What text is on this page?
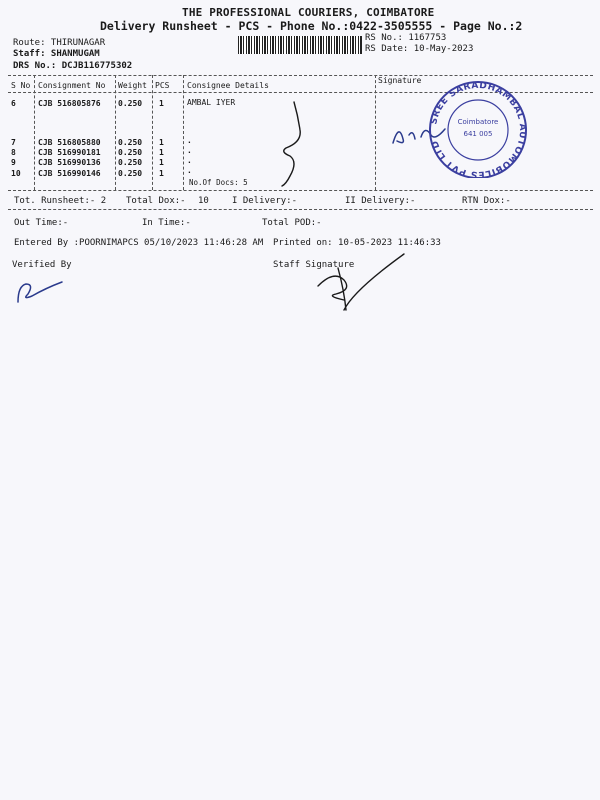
THE PROFESSIONAL COURIERS, COIMBATORE
Delivery Runsheet - PCS - Phone No.:0422-3505555 - Page No.:2
Route: THIRUNAGAR
Staff: SHANMUGAM
RS No.: 1167753
RS Date: 10-May-2023
DRS No.: DCJB116775302
S No Consignment No Weight PCS Consignee Details
Signature
6	CJB 516805876 0.250 1	AMBAL IYER
7	CJB 516805880 0.250 1	.
8	CJB 516990181 0.250 1	.
9	CJB 516990136 0.250 1	.
10 CJB 516990146 0.250 1	.
No.Of Docs: 5
SREE SARADHAMBAL AUTOMOBILES PVT LTD
Coimbatore
641 005
Tot. Runsheet:- 2 Total Dox:- 10	I Delivery:-	II Delivery:-	RTN Dox:-
Out Time:-	In Time:-	Total POD:-
Entered By :POORNIMAPCS 05/10/2023 11:46:28 AM Printed on: 10-05-2023 11:46:33
Verified By	Staff Signature
